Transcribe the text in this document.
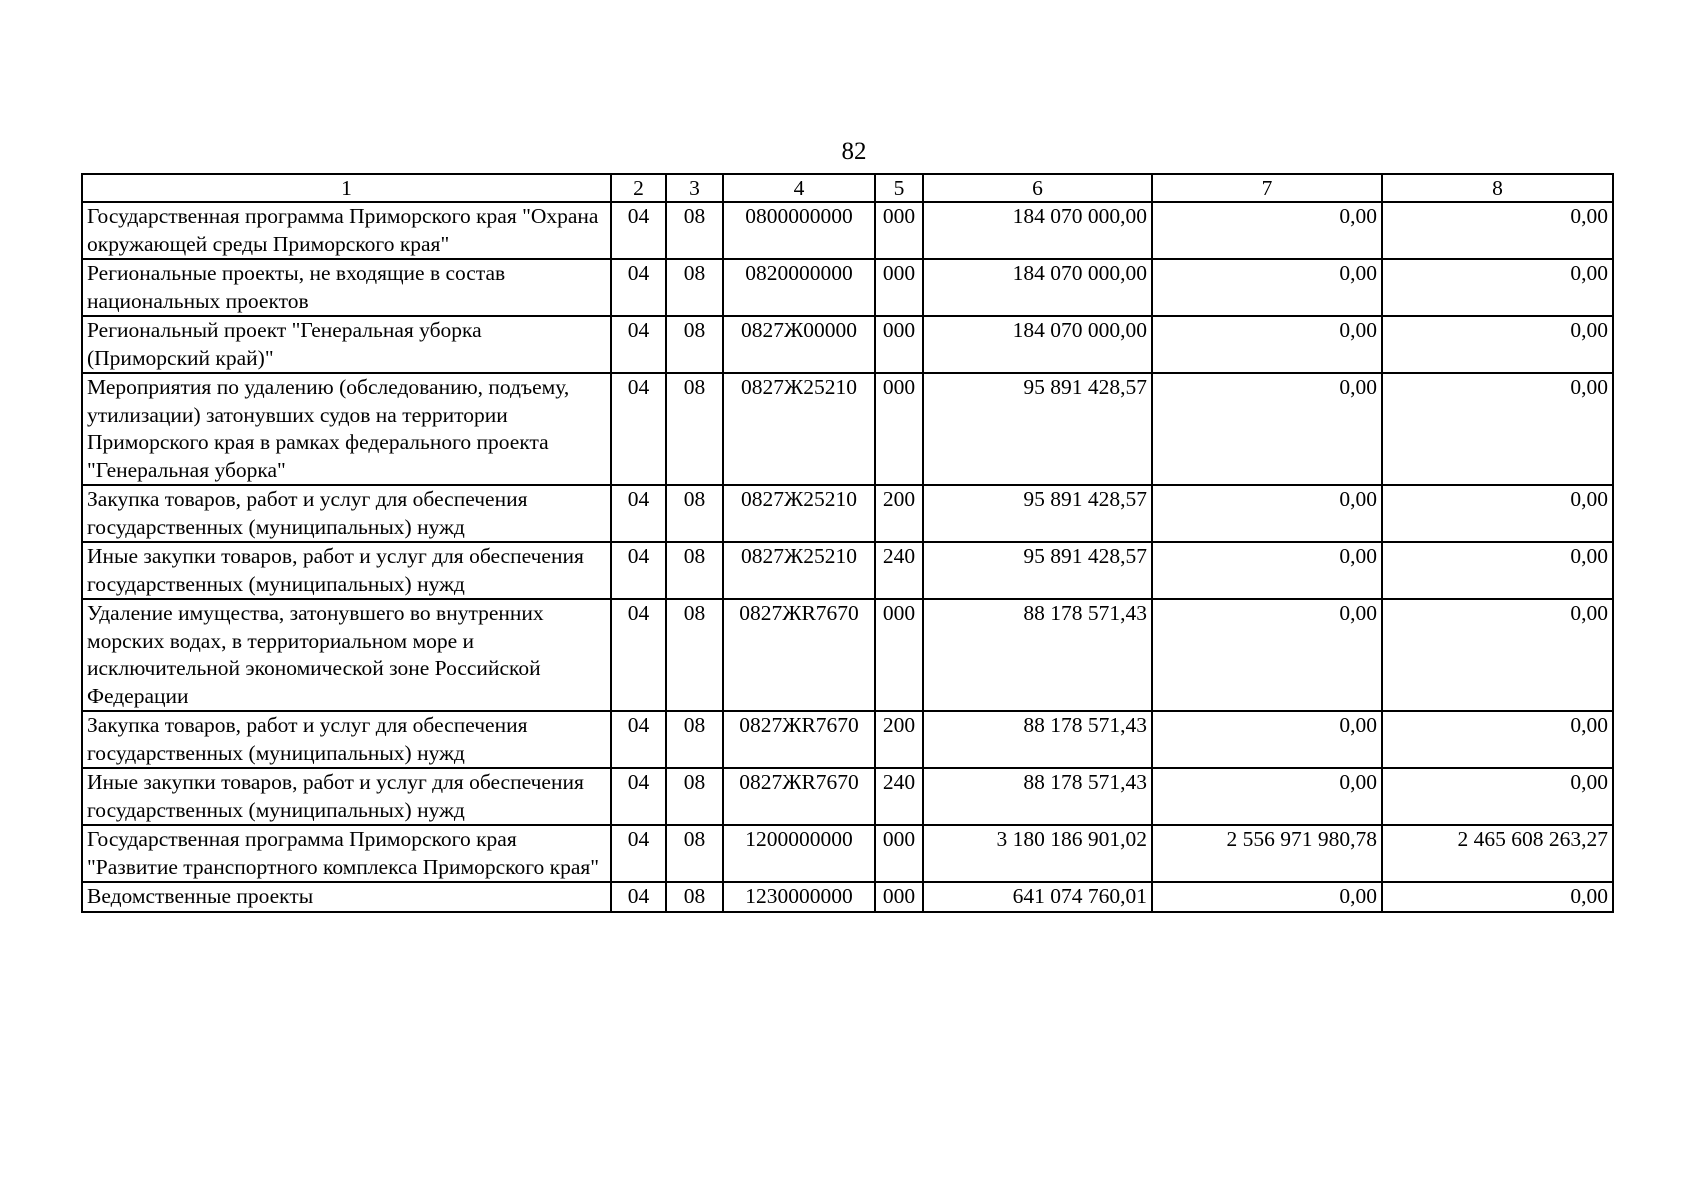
82
1	2	3	4	5	6	7	8
Государственная программа Приморского края "Охрана окружающей среды Приморского края"	04	08	0800000000	000	184 070 000,00	0,00	0,00
Региональные проекты, не входящие в состав национальных проектов	04	08	0820000000	000	184 070 000,00	0,00	0,00
Региональный проект "Генеральная уборка (Приморский край)"	04	08	0827Ж00000	000	184 070 000,00	0,00	0,00
Мероприятия по удалению (обследованию, подъему, утилизации) затонувших судов на территории Приморского края в рамках федерального проекта "Генеральная уборка"	04	08	0827Ж25210	000	95 891 428,57	0,00	0,00
Закупка товаров, работ и услуг для обеспечения государственных (муниципальных) нужд	04	08	0827Ж25210	200	95 891 428,57	0,00	0,00
Иные закупки товаров, работ и услуг для обеспечения государственных (муниципальных) нужд	04	08	0827Ж25210	240	95 891 428,57	0,00	0,00
Удаление имущества, затонувшего во внутренних морских водах, в территориальном море и исключительной экономической зоне Российской Федерации	04	08	0827ЖR7670	000	88 178 571,43	0,00	0,00
Закупка товаров, работ и услуг для обеспечения государственных (муниципальных) нужд	04	08	0827ЖR7670	200	88 178 571,43	0,00	0,00
Иные закупки товаров, работ и услуг для обеспечения государственных (муниципальных) нужд	04	08	0827ЖR7670	240	88 178 571,43	0,00	0,00
Государственная программа Приморского края "Развитие транспортного комплекса Приморского края"	04	08	1200000000	000	3 180 186 901,02	2 556 971 980,78	2 465 608 263,27
Ведомственные проекты	04	08	1230000000	000	641 074 760,01	0,00	0,00
